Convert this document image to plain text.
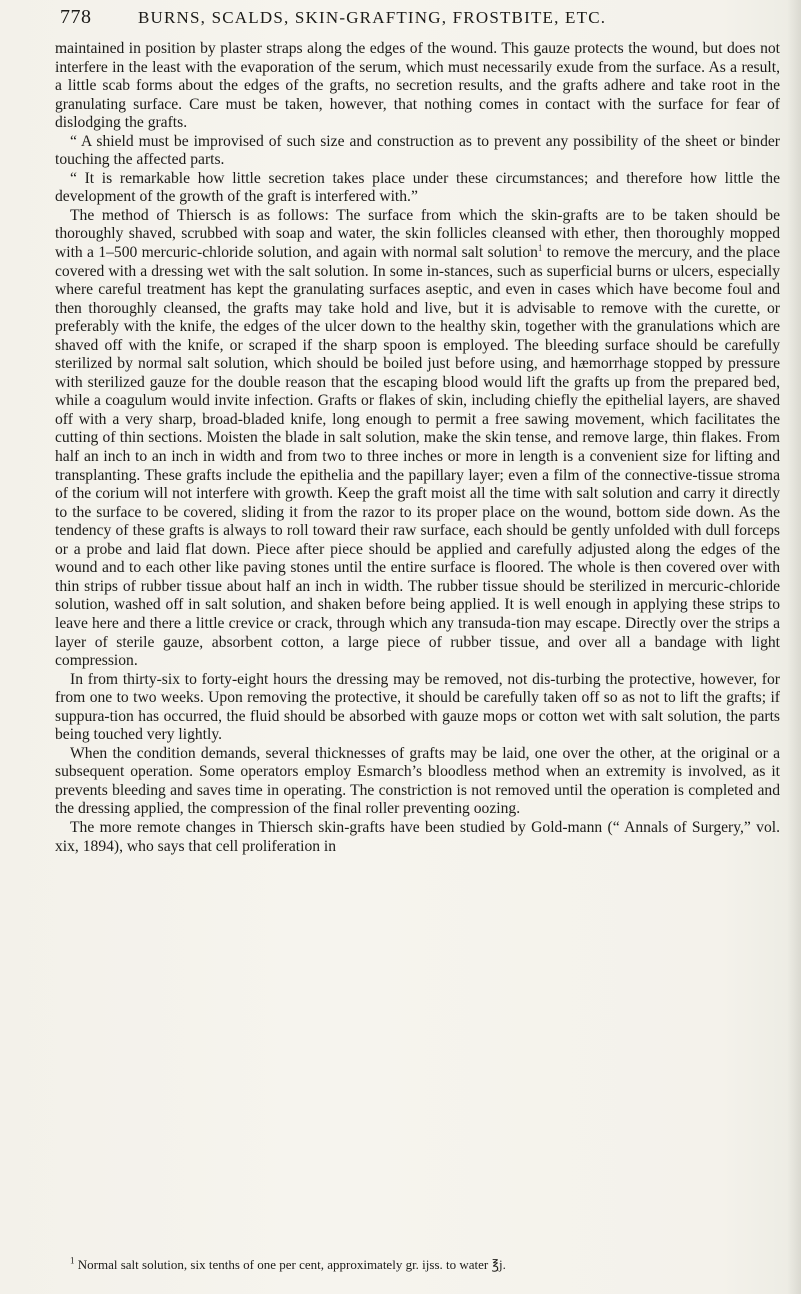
778	BURNS, SCALDS, SKIN-GRAFTING, FROSTBITE, ETC.

maintained in position by plaster straps along the edges of the wound. This gauze protects the wound, but does not interfere in the least with the evaporation of the serum, which must necessarily exude from the surface. As a result, a little scab forms about the edges of the grafts, no secretion results, and the grafts adhere and take root in the granulating surface. Care must be taken, however, that nothing comes in contact with the surface for fear of dislodging the grafts.

“ A shield must be improvised of such size and construction as to prevent any possibility of the sheet or binder touching the affected parts.

“ It is remarkable how little secretion takes place under these circumstances; and therefore how little the development of the growth of the graft is interfered with.”

The method of Thiersch is as follows: The surface from which the skin-grafts are to be taken should be thoroughly shaved, scrubbed with soap and water, the skin follicles cleansed with ether, then thoroughly mopped with a 1–500 mercuric-chloride solution, and again with normal salt solution$^1$ to remove the mercury, and the place covered with a dressing wet with the salt solution. In some in-stances, such as superficial burns or ulcers, especially where careful treatment has kept the granulating surfaces aseptic, and even in cases which have become foul and then thoroughly cleansed, the grafts may take hold and live, but it is advisable to remove with the curette, or preferably with the knife, the edges of the ulcer down to the healthy skin, together with the granulations which are shaved off with the knife, or scraped if the sharp spoon is employed. The bleeding surface should be carefully sterilized by normal salt solution, which should be boiled just before using, and hæmorrhage stopped by pressure with sterilized gauze for the double reason that the escaping blood would lift the grafts up from the prepared bed, while a coagulum would invite infection. Grafts or flakes of skin, including chiefly the epithelial layers, are shaved off with a very sharp, broad-bladed knife, long enough to permit a free sawing movement, which facilitates the cutting of thin sections. Moisten the blade in salt solution, make the skin tense, and remove large, thin flakes. From half an inch to an inch in width and from two to three inches or more in length is a convenient size for lifting and transplanting. These grafts include the epithelia and the papillary layer; even a film of the connective-tissue stroma of the corium will not interfere with growth. Keep the graft moist all the time with salt solution and carry it directly to the surface to be covered, sliding it from the razor to its proper place on the wound, bottom side down. As the tendency of these grafts is always to roll toward their raw surface, each should be gently unfolded with dull forceps or a probe and laid flat down. Piece after piece should be applied and carefully adjusted along the edges of the wound and to each other like paving stones until the entire surface is floored. The whole is then covered over with thin strips of rubber tissue about half an inch in width. The rubber tissue should be sterilized in mercuric-chloride solution, washed off in salt solution, and shaken before being applied. It is well enough in applying these strips to leave here and there a little crevice or crack, through which any transuda-tion may escape. Directly over the strips a layer of sterile gauze, absorbent cotton, a large piece of rubber tissue, and over all a bandage with light compression.

In from thirty-six to forty-eight hours the dressing may be removed, not dis-turbing the protective, however, for from one to two weeks. Upon removing the protective, it should be carefully taken off so as not to lift the grafts; if suppura-tion has occurred, the fluid should be absorbed with gauze mops or cotton wet with salt solution, the parts being touched very lightly.

When the condition demands, several thicknesses of grafts may be laid, one over the other, at the original or a subsequent operation. Some operators employ Esmarch’s bloodless method when an extremity is involved, as it prevents bleeding and saves time in operating. The constriction is not removed until the operation is completed and the dressing applied, the compression of the final roller preventing oozing.

The more remote changes in Thiersch skin-grafts have been studied by Gold-mann (“ Annals of Surgery,” vol. xix, 1894), who says that cell proliferation in

$^1$ Normal salt solution, six tenths of one per cent, approximately gr. ijss. to water ℥j.
